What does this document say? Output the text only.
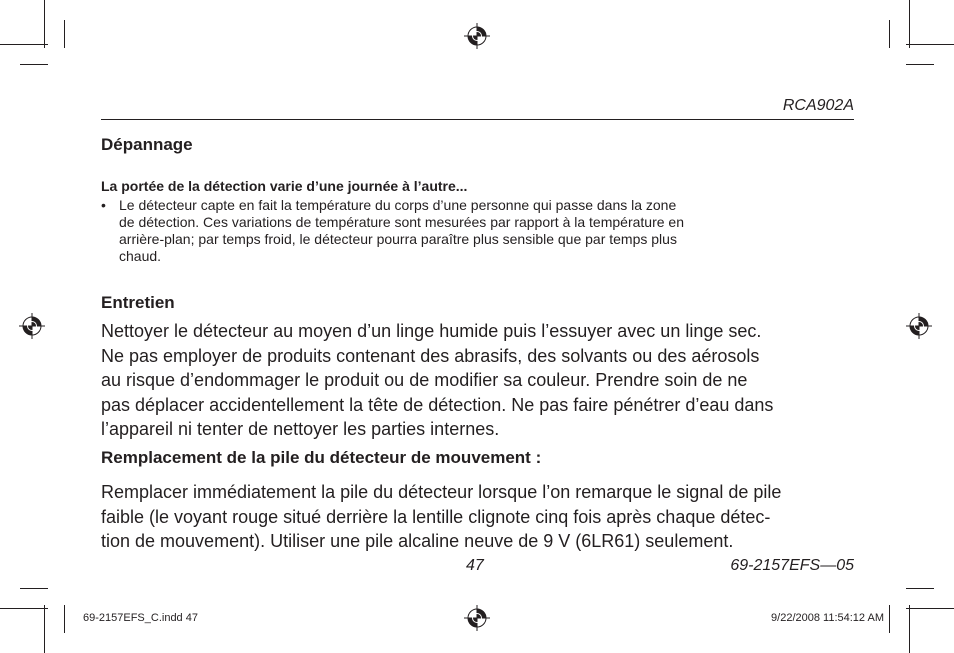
RCA902A
Dépannage
La portée de la détection varie d’une journée à l’autre...
• Le détecteur capte en fait la température du corps d’une personne qui passe dans la zone
de détection. Ces variations de température sont mesurées par rapport à la température en
arrière-plan; par temps froid, le détecteur pourra paraître plus sensible que par temps plus
chaud.
Entretien
Nettoyer le détecteur au moyen d’un linge humide puis l’essuyer avec un linge sec.
Ne pas employer de produits contenant des abrasifs, des solvants ou des aérosols
au risque d’endommager le produit ou de modifier sa couleur. Prendre soin de ne
pas déplacer accidentellement la tête de détection. Ne pas faire pénétrer d’eau dans
l’appareil ni tenter de nettoyer les parties internes.
Remplacement de la pile du détecteur de mouvement :
Remplacer immédiatement la pile du détecteur lorsque l’on remarque le signal de pile
faible (le voyant rouge situé derrière la lentille clignote cinq fois après chaque détec-
tion de mouvement). Utiliser une pile alcaline neuve de 9 V (6LR61) seulement.
47	69-2157EFS—05
69-2157EFS_C.indd 47	9/22/2008 11:54:12 AM
